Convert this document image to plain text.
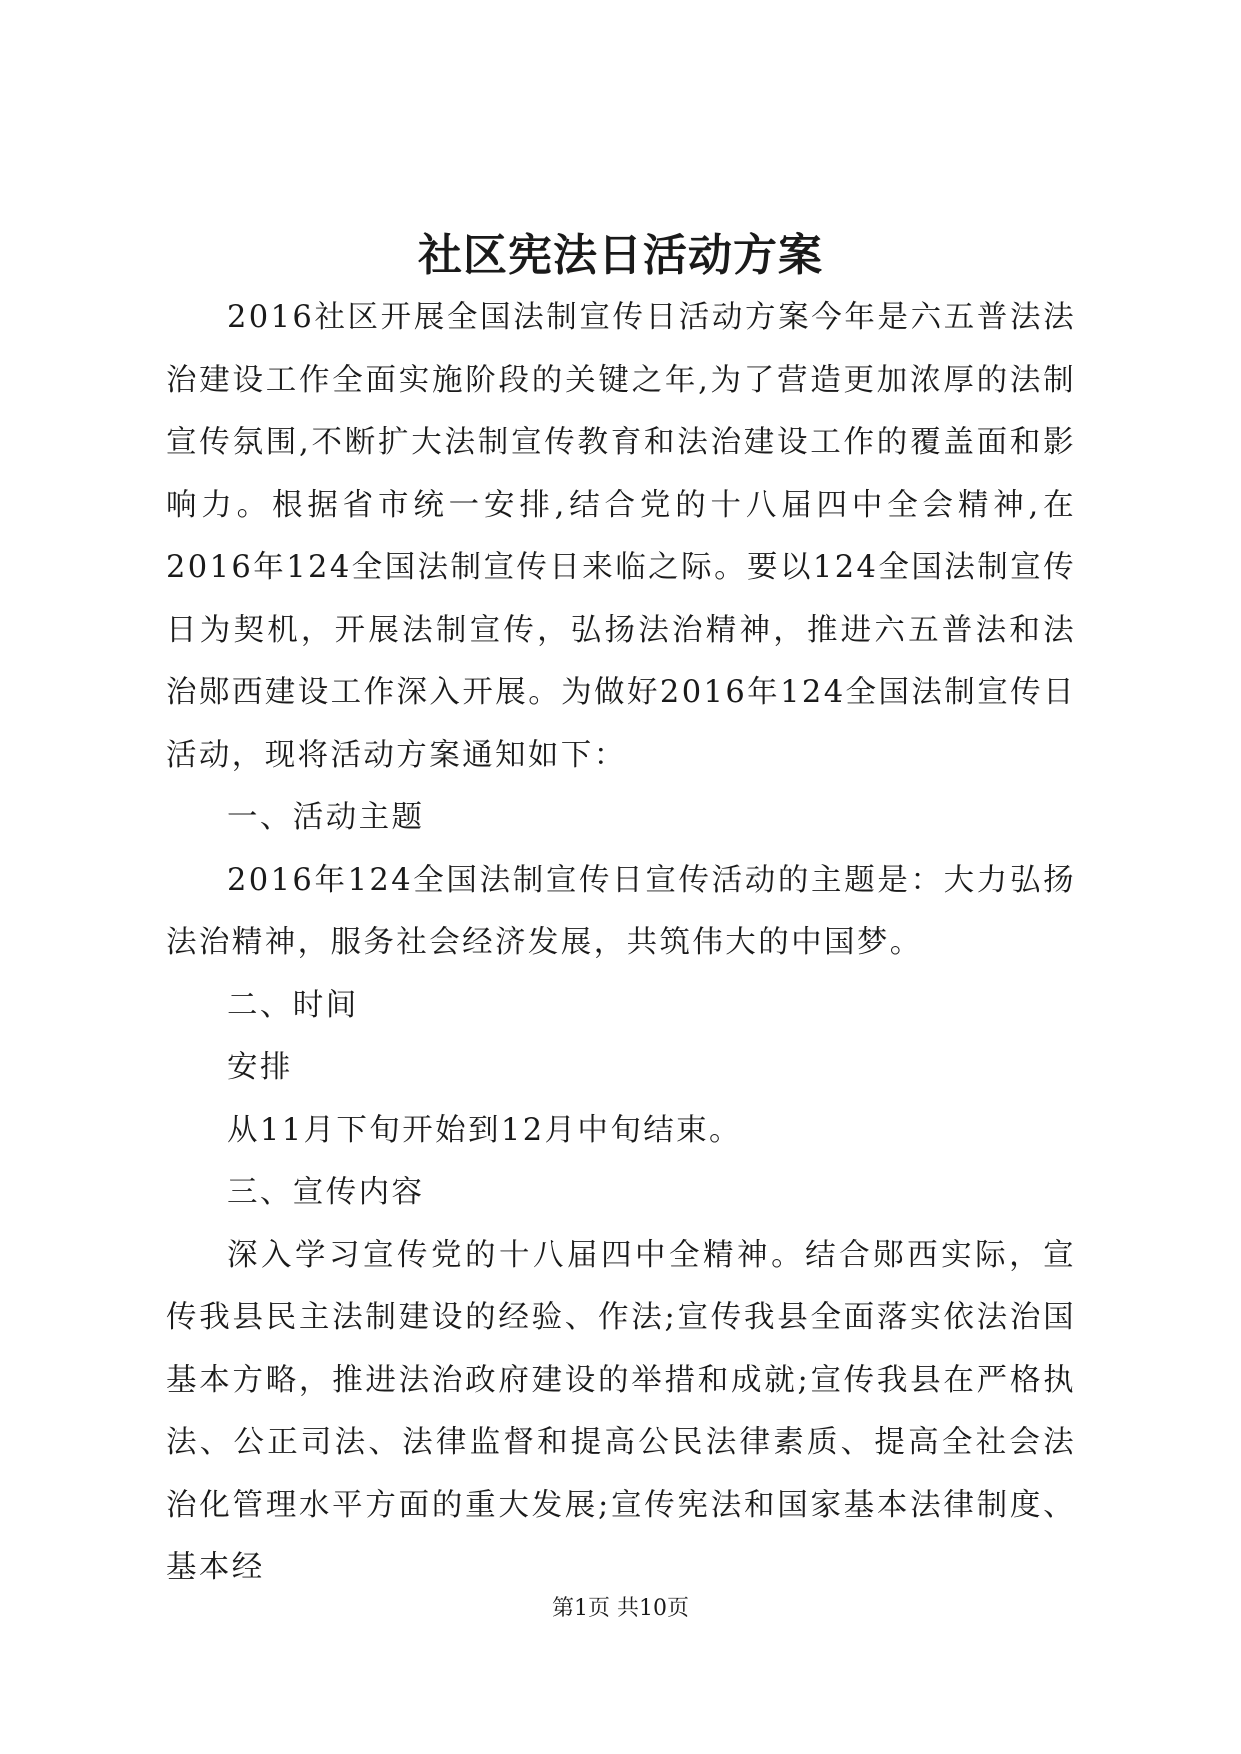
社区宪法日活动方案

2016社区开展全国法制宣传日活动方案今年是六五普法法治建设工作全面实施阶段的关键之年,为了营造更加浓厚的法制宣传氛围,不断扩大法制宣传教育和法治建设工作的覆盖面和影响力。根据省市统一安排,结合党的十八届四中全会精神,在2016年124全国法制宣传日来临之际。要以124全国法制宣传日为契机，开展法制宣传，弘扬法治精神，推进六五普法和法治郧西建设工作深入开展。为做好2016年124全国法制宣传日活动，现将活动方案通知如下：

一、活动主题

2016年124全国法制宣传日宣传活动的主题是：大力弘扬法治精神，服务社会经济发展，共筑伟大的中国梦。

二、时间

安排

从11月下旬开始到12月中旬结束。

三、宣传内容

深入学习宣传党的十八届四中全精神。结合郧西实际，宣传我县民主法制建设的经验、作法;宣传我县全面落实依法治国基本方略，推进法治政府建设的举措和成就;宣传我县在严格执法、公正司法、法律监督和提高公民法律素质、提高全社会法治化管理水平方面的重大发展;宣传宪法和国家基本法律制度、基本经

第1页 共10页
